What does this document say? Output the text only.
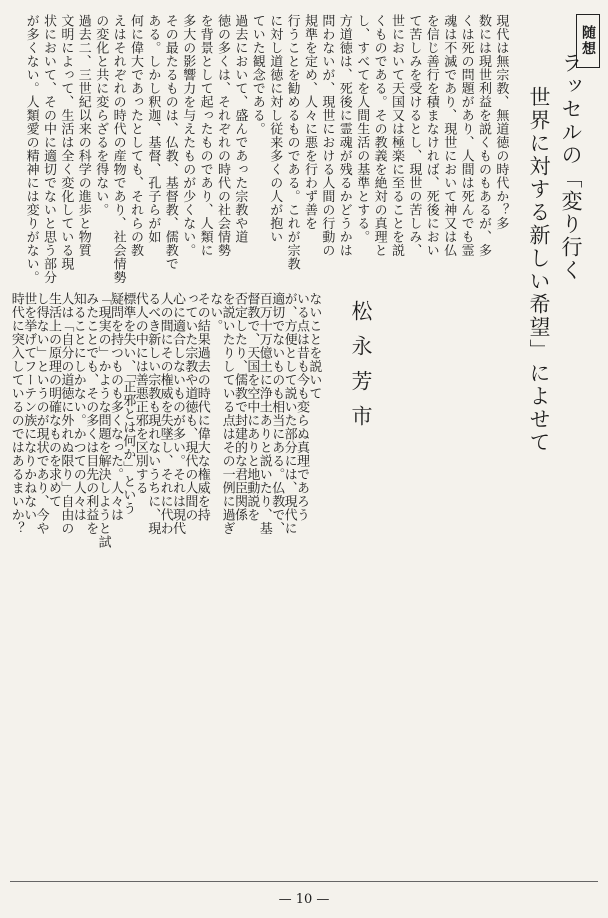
随想
ラッセルの「変り行く
世界に対する新しい希望」によせて
松永芳市
現代は無宗教、無道徳の時代か？多
数には現世利益を説くものもあるが、多
くは死の問題があり、人間は死んでも霊
魂は不滅であり、現世において神又は仏
を信じ善行を積まなければ、死後におい
て苦しみを受けるとし、現世の苦しみ、
世において天国又は極楽に至ることを説
くものである。その教義を絶対の真理と
し、すべてを人間生活の基準とする。
方道徳は、死後に霊魂が残るかどうかは
問わないが、現世における人間の行動の
規準を定め、人々に悪を行わず善を
行うことを勧めるものである。これが宗教
に対し道徳に対し従来多くの人が抱い
ていた観念である。
過去において、盛んであった宗教や道
徳の多くは、それぞれの時代の社会情勢
を背景として起ったものであり、人類に
多大の影響力を与えたものが少くない。
その最たるものは、仏教、基督教、儒教で
ある。しかし釈迦、基督、孔子らが如
何に偉大であったとしても、それらの教
えはそれぞれの時代の産物であり、社会情勢
の変化と共に変らざるを得ない。
過去二、三世紀以来の科学の進歩と物質
文明によって、生活は全く変化している現
状において、その中に適切でないと思う部分
が多くない。人類愛の精神には変りがない。
ないことを説いて
いる点は昔も今も変らぬ真理であろう
が、方便として説いた部分には、現代に
適切でないものも相当にある。仏教で、
百万十万億土に浄土ありと説いたり、基
督教で、天国を空中にありと地動説を
否定したり、儒教で封建的な君臣関係
を説いたりしている点はその一例に過ぎ
ない。
その結果過去の時代に偉大な権威を持
っていた宗教や道徳も、現代の人間の
心に適合しないものが多い。それは現代
人の間にその権威を失墜し、それに代わ
るべき新しい宗教も現れないうちに、現
代人の中には善悪正邪を区別する
標準を失い、「正邪とは何か」という
疑問を持つものも多くなった。人々は
「現実の」かような問題を解決しようと試
みたことでも、その多くは目先の利益を
知ることにしかない。かつての人々は
人は「自分の道徳に外れぬ限り」自由の
生活上の原理の明確なものを求めて
し得ない」というのが現状であり、今や
世を挙げてフーテン族になりかねない
時代に突入しているのではあるまいか？
— 10 —
